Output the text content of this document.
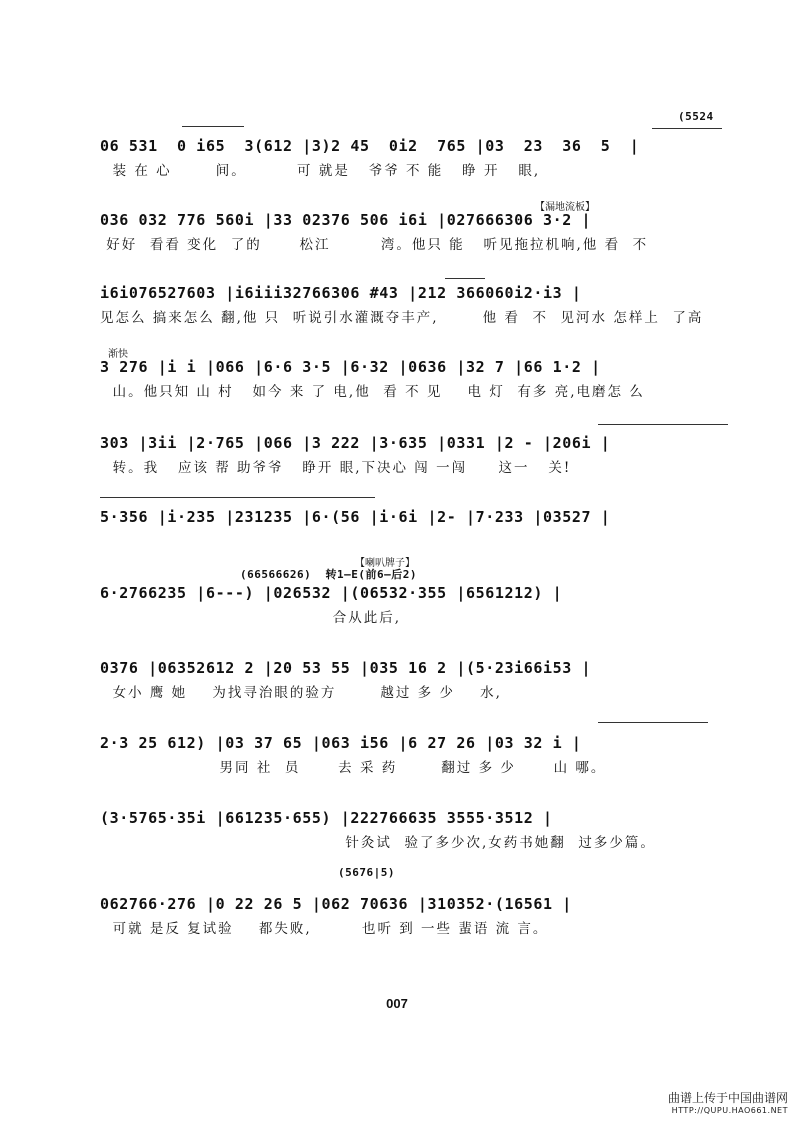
(5524
06 531  0 i65  3(612 |3)2 45  0i2  765 |03  23  36  5  |
装 在 心       间。        可 就是   爷爷 不 能   睁 开   眼,
【漏地流板】
036 032 776 560i |33 02376 506 i6i |027666306 3·2 |
好好  看看 变化  了的      松江        湾。他只 能   听见拖拉机响,他 看  不
i6i076527603 |i6iii32766306 #43 |212 366060i2·i3 |
见怎么 搞来怎么 翻,他 只  听说引水灌溉夺丰产,       他 看  不  见河水 怎样上  了高
渐快
3 276 |i i |066 |6·6 3·5 |6·32 |0636 |32 7 |66 1·2 |
山。他只知 山 村   如今 来 了 电,他  看 不 见    电 灯  有多 亮,电磨怎 么
303 |3ii |2·765 |066 |3 222 |3·635 |0331 |2 - |206i |
转。我   应该 帮 助爷爷   睁开 眼,下决心 闯 一闯     这一   关!
5·356 |i·235 |231235 |6·(56 |i·6i |2- |7·233 |03527 |
【喇叭牌子】
(66566626)  转1—E(前6—后2)
6·2766235 |6---) |026532 |(06532·355 |6561212) |
合从此后,
0376 |06352612 2 |20 53 55 |035 16 2 |(5·23i66i53 |
女小 鹰 她    为找寻治眼的验方       越过 多 少    水,
2·3 25 612) |03 37 65 |063 i56 |6 27 26 |03 32 i |
男同 社  员      去 采 药       翻过 多 少      山 哪。
(3·5765·35i |661235·655) |222766635 3555·3512 |
针灸试  验了多少次,女药书她翻  过多少篇。
(5676|5)
062766·276 |0 22 26 5 |062 70636 |310352·(16561 |
可就 是反 复试验    都失败,        也听 到 一些 蜚语 流 言。
007
曲谱上传于中国曲谱网
HTTP://QUPU.HAO661.NET
